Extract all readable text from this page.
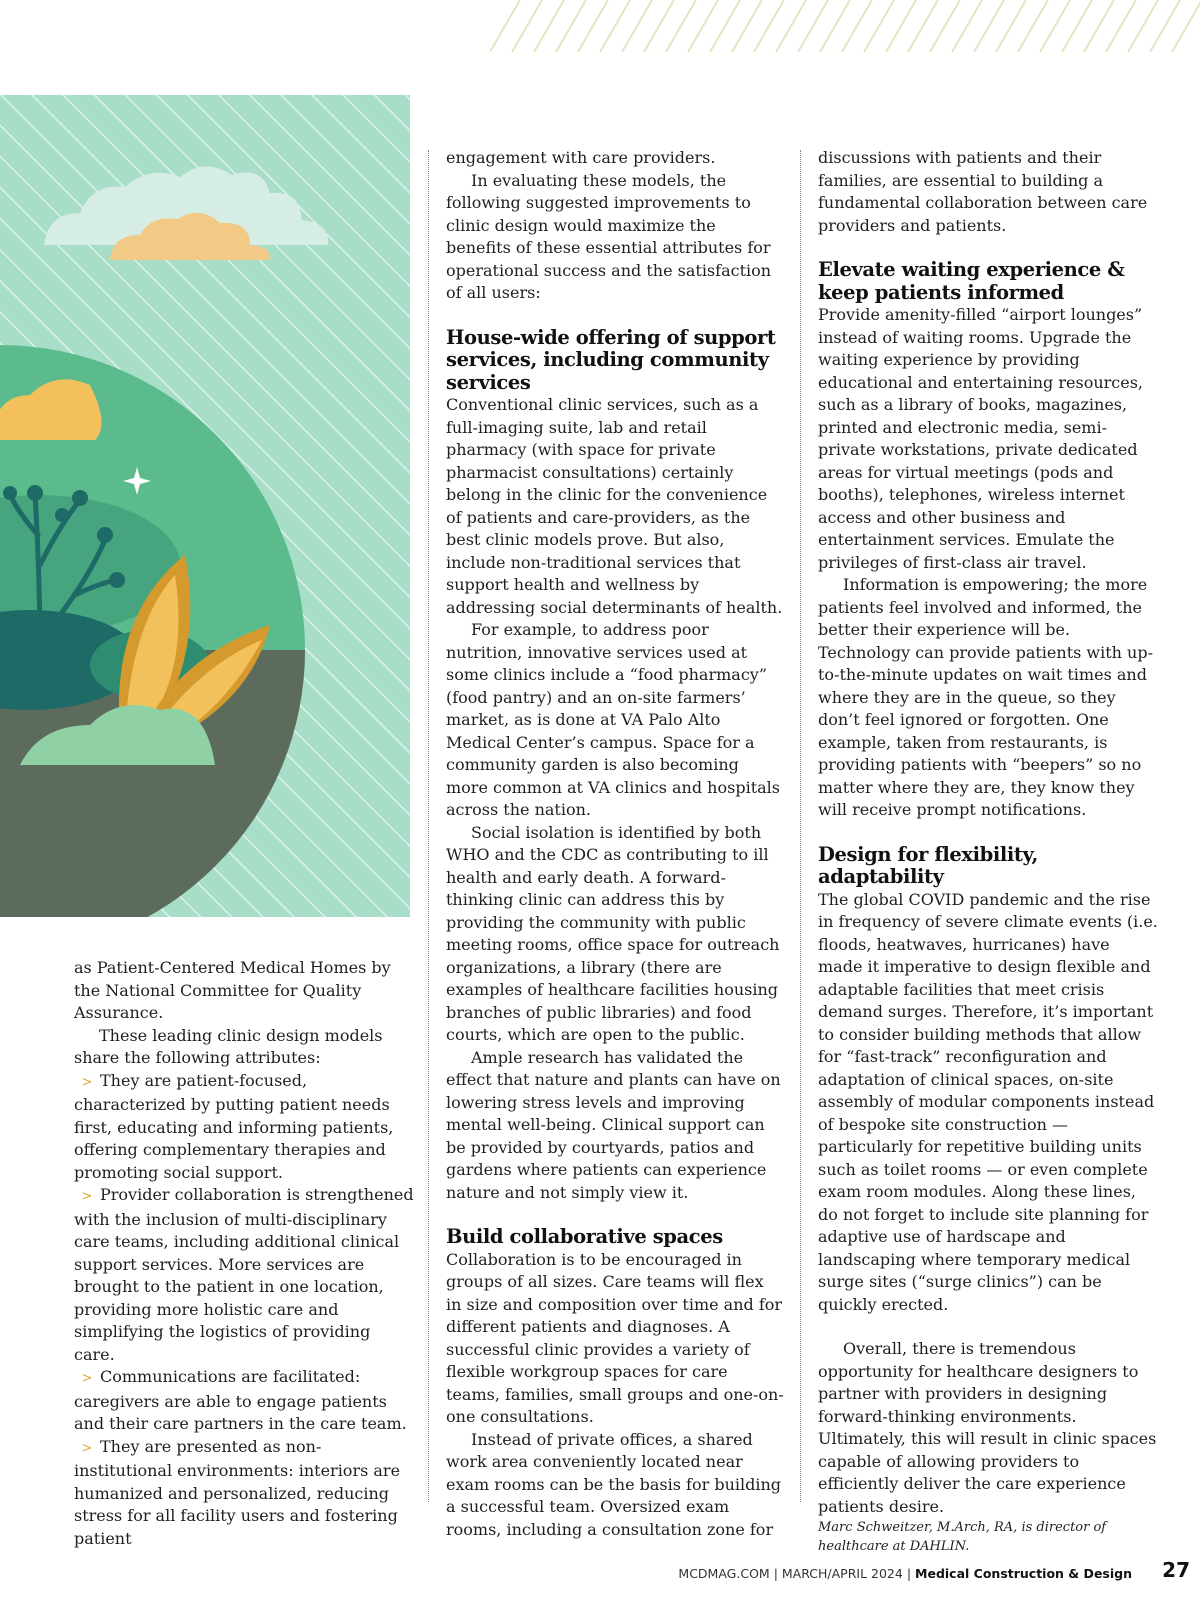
as Patient-Centered Medical Homes by the National Committee for Quality Assurance.

These leading clinic design models share the following attributes:

> They are patient-focused, characterized by putting patient needs first, educating and informing patients, offering complementary therapies and promoting social support.

> Provider collaboration is strengthened with the inclusion of multi-disciplinary care teams, including additional clinical support services. More services are brought to the patient in one location, providing more holistic care and simplifying the logistics of providing care.

> Communications are facilitated: caregivers are able to engage patients and their care partners in the care team.

> They are presented as non-institutional environments: interiors are humanized and personalized, reducing stress for all facility users and fostering patient

engagement with care providers.

In evaluating these models, the following suggested improvements to clinic design would maximize the benefits of these essential attributes for operational success and the satisfaction of all users:

House-wide offering of support services, including community services

Conventional clinic services, such as a full-imaging suite, lab and retail pharmacy (with space for private pharmacist consultations) certainly belong in the clinic for the convenience of patients and care-providers, as the best clinic models prove. But also, include non-traditional services that support health and wellness by addressing social determinants of health.

For example, to address poor nutrition, innovative services used at some clinics include a “food pharmacy” (food pantry) and an on-site farmers’ market, as is done at VA Palo Alto Medical Center’s campus. Space for a community garden is also becoming more common at VA clinics and hospitals across the nation.

Social isolation is identified by both WHO and the CDC as contributing to ill health and early death. A forward-thinking clinic can address this by providing the community with public meeting rooms, office space for outreach organizations, a library (there are examples of healthcare facilities housing branches of public libraries) and food courts, which are open to the public.

Ample research has validated the effect that nature and plants can have on lowering stress levels and improving mental well-being. Clinical support can be provided by courtyards, patios and gardens where patients can experience nature and not simply view it.

Build collaborative spaces

Collaboration is to be encouraged in groups of all sizes. Care teams will flex in size and composition over time and for different patients and diagnoses. A successful clinic provides a variety of flexible workgroup spaces for care teams, families, small groups and one-on-one consultations.

Instead of private offices, a shared work area conveniently located near exam rooms can be the basis for building a successful team. Oversized exam rooms, including a consultation zone for

discussions with patients and their families, are essential to building a fundamental collaboration between care providers and patients.

Elevate waiting experience & keep patients informed

Provide amenity-filled “airport lounges” instead of waiting rooms. Upgrade the waiting experience by providing educational and entertaining resources, such as a library of books, magazines, printed and electronic media, semi-private workstations, private dedicated areas for virtual meetings (pods and booths), telephones, wireless internet access and other business and entertainment services. Emulate the privileges of first-class air travel.

Information is empowering; the more patients feel involved and informed, the better their experience will be. Technology can provide patients with up-to-the-minute updates on wait times and where they are in the queue, so they don’t feel ignored or forgotten. One example, taken from restaurants, is providing patients with “beepers” so no matter where they are, they know they will receive prompt notifications.

Design for flexibility, adaptability

The global COVID pandemic and the rise in frequency of severe climate events (i.e. floods, heatwaves, hurricanes) have made it imperative to design flexible and adaptable facilities that meet crisis demand surges. Therefore, it’s important to consider building methods that allow for “fast-track” reconfiguration and adaptation of clinical spaces, on-site assembly of modular components instead of bespoke site construction — particularly for repetitive building units such as toilet rooms — or even complete exam room modules. Along these lines, do not forget to include site planning for adaptive use of hardscape and landscaping where temporary medical surge sites (“surge clinics”) can be quickly erected.

Overall, there is tremendous opportunity for healthcare designers to partner with providers in designing forward-thinking environments. Ultimately, this will result in clinic spaces capable of allowing providers to efficiently deliver the care experience patients desire.

Marc Schweitzer, M.Arch, RA, is director of healthcare at DAHLIN.

MCDMAG.COM | MARCH/APRIL 2024 | Medical Construction & Design 27
